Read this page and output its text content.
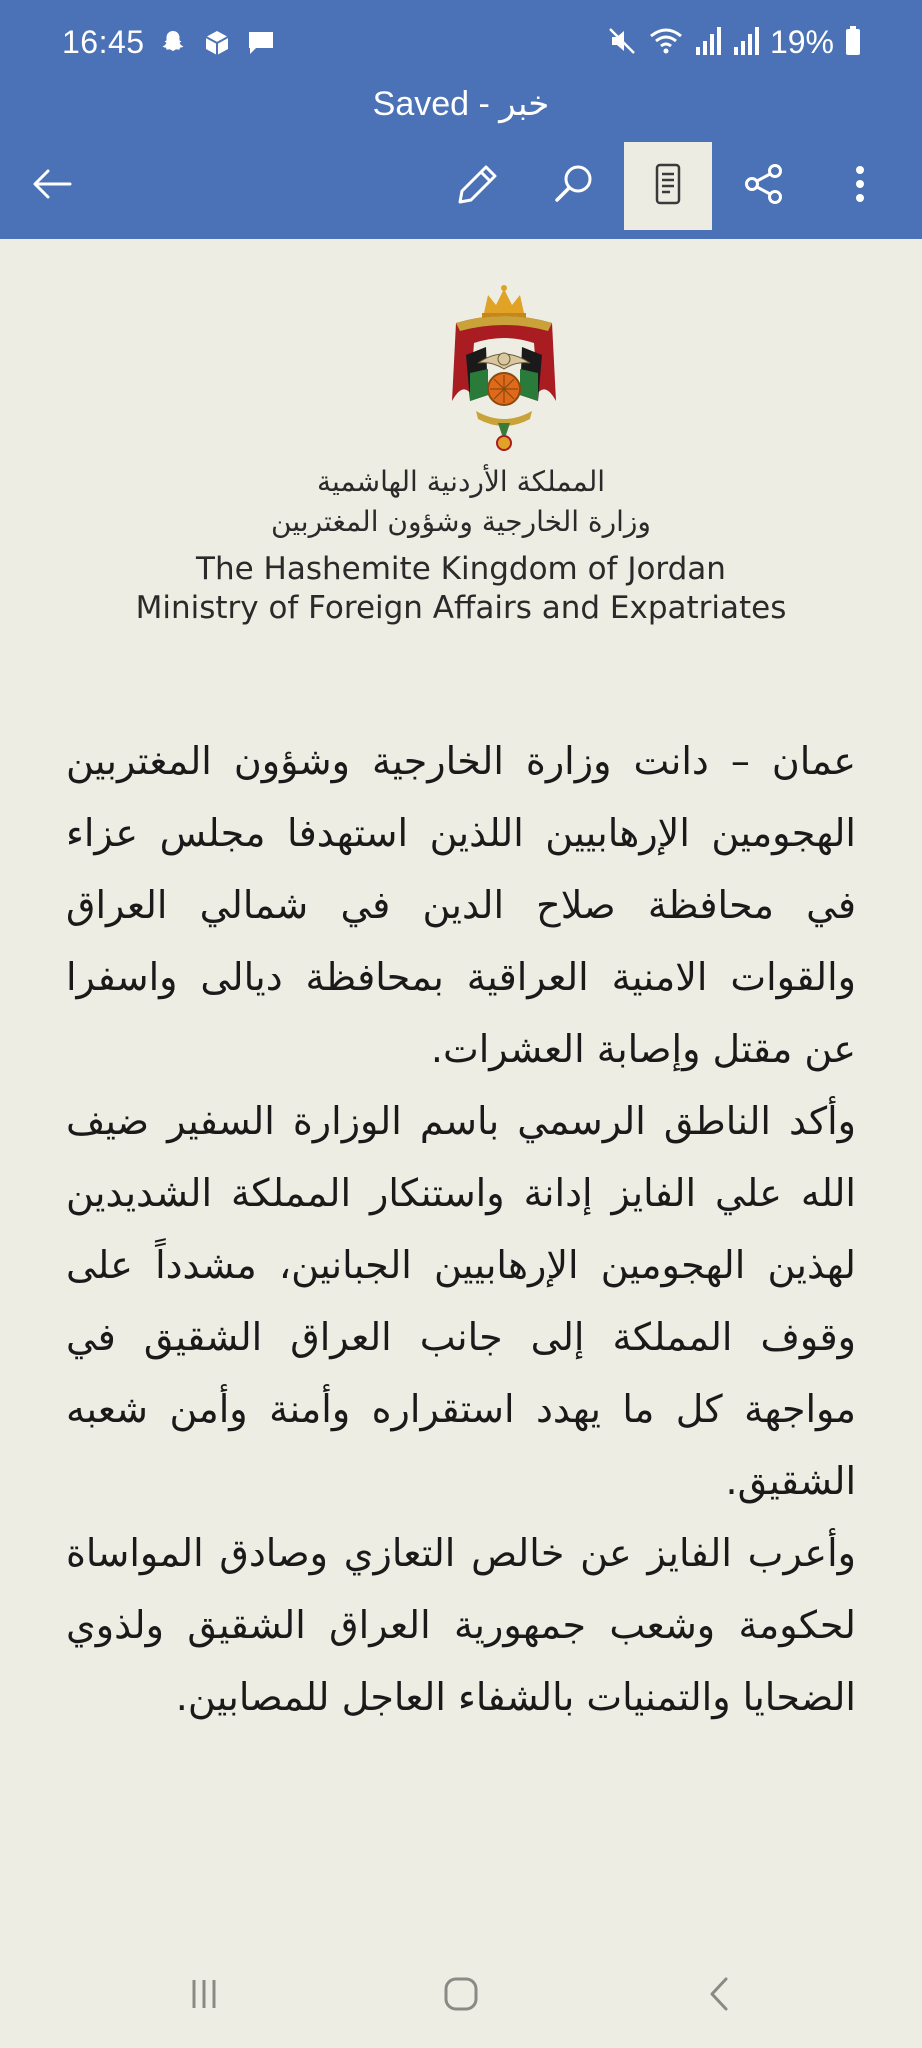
16:45	19%
Saved - خبر
المملكة الأردنية الهاشمية
وزارة الخارجية وشؤون المغتربين
The Hashemite Kingdom of Jordan
Ministry of Foreign Affairs and Expatriates

عمان – دانت وزارة الخارجية وشؤون المغتربين الهجومين الإرهابيين اللذين استهدفا مجلس عزاء في محافظة صلاح الدين في شمالي العراق والقوات الامنية العراقية بمحافظة ديالى واسفرا عن مقتل وإصابة العشرات.

وأكد الناطق الرسمي باسم الوزارة السفير ضيف الله علي الفايز إدانة واستنكار المملكة الشديدين لهذين الهجومين الإرهابيين الجبانين، مشدداً على وقوف المملكة إلى جانب العراق الشقيق في مواجهة كل ما يهدد استقراره وأمنة وأمن شعبه الشقيق.

وأعرب الفايز عن خالص التعازي وصادق المواساة لحكومة وشعب جمهورية العراق الشقيق ولذوي الضحايا والتمنيات بالشفاء العاجل للمصابين.
